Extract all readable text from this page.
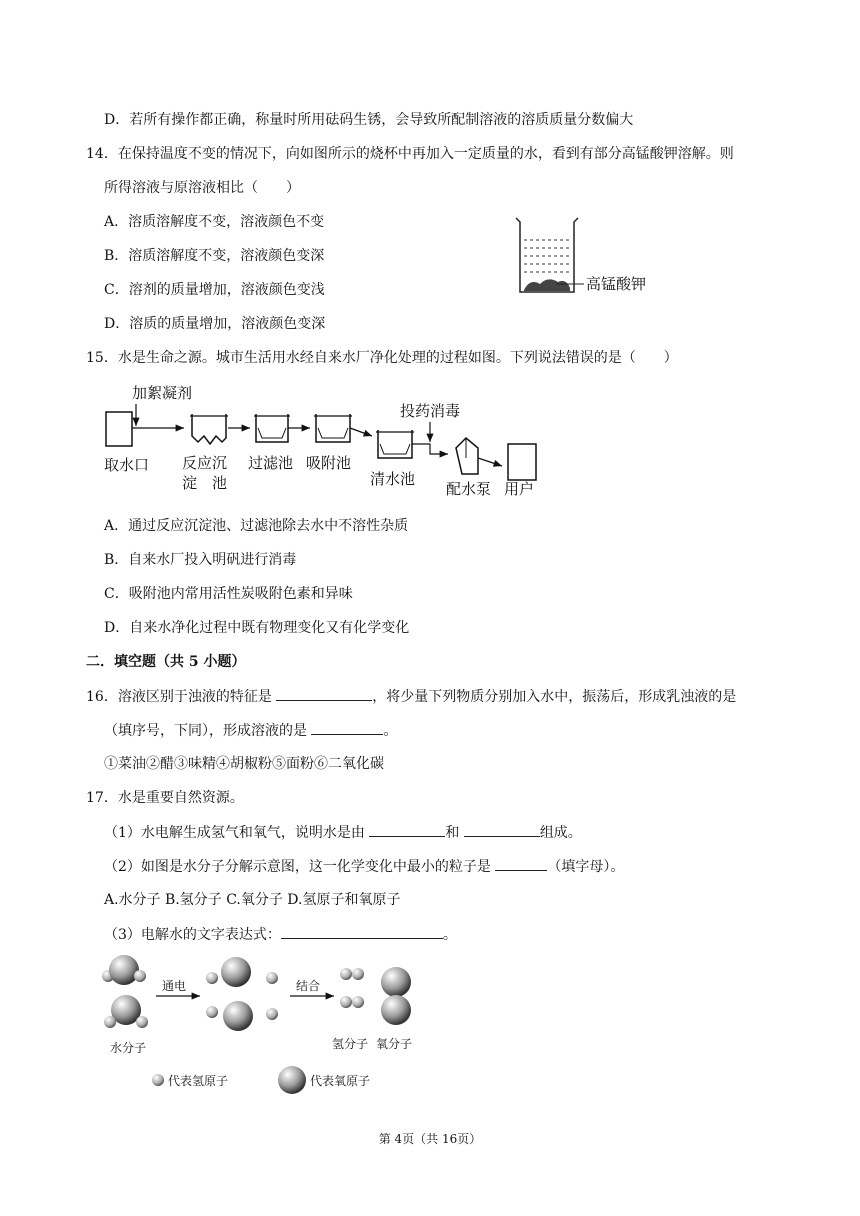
D．若所有操作都正确，称量时所用砝码生锈，会导致所配制溶液的溶质质量分数偏大
14．在保持温度不变的情况下，向如图所示的烧杯中再加入一定质量的水，看到有部分高锰酸钾溶解。则
所得溶液与原溶液相比（　　）
A．溶质溶解度不变，溶液颜色不变
B．溶质溶解度不变，溶液颜色变深
C．溶剂的质量增加，溶液颜色变浅
D．溶质的质量增加，溶液颜色变深
高锰酸钾
15．水是生命之源。城市生活用水经自来水厂净化处理的过程如图。下列说法错误的是（　　）
加絮凝剂
取水口 反应沉
淀　池
过滤池 吸附池
清水池
投药消毒
配水泵 用户
A．通过反应沉淀池、过滤池除去水中不溶性杂质
B．自来水厂投入明矾进行消毒
C．吸附池内常用活性炭吸附色素和异味
D．自来水净化过程中既有物理变化又有化学变化
二．填空题（共 5 小题）
16．溶液区别于浊液的特征是	，将少量下列物质分别加入水中，振荡后，形成乳浊液的是
（填序号，下同），形成溶液的是	。
①菜油②醋③味精④胡椒粉⑤面粉⑥二氧化碳
17．水是重要自然资源。
（1）水电解生成氢气和氧气，说明水是由	和	组成。
（2）如图是水分子分解示意图，这一化学变化中最小的粒子是	（填字母）。
A.水分子 B.氢分子 C.氧分子 D.氢原子和氧原子
（3）电解水的文字表达式：	。
水分子
通电	结合
氢分子 氧分子
代表氢原子	代表氧原子
第 4页（共 16页）
